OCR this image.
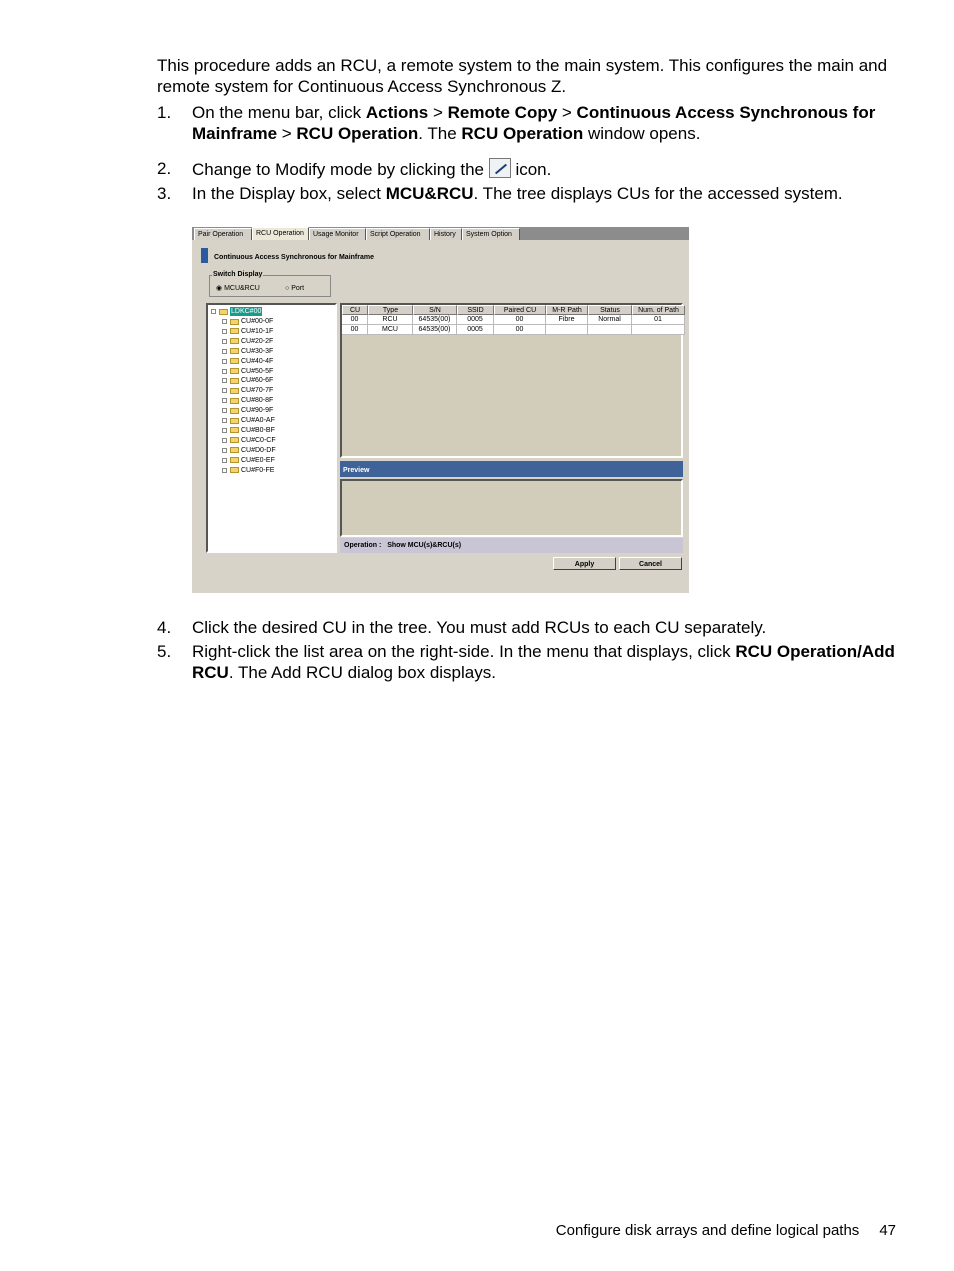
This procedure adds an RCU, a remote system to the main system. This configures the main and remote system for Continuous Access Synchronous Z.

1. On the menu bar, click Actions > Remote Copy > Continuous Access Synchronous for Mainframe > RCU Operation. The RCU Operation window opens.
2. Change to Modify mode by clicking the  icon.
3. In the Display box, select MCU&RCU. The tree displays CUs for the accessed system.
Pair Operation	RCU Operation	Usage Monitor	Script Operation	History	System Option
Continuous Access Synchronous for Mainframe
Switch Display
◉ MCU&RCU	○ Port
LDKC#00
CU#00-0F
CU#10-1F
CU#20-2F
CU#30-3F
CU#40-4F
CU#50-5F
CU#60-6F
CU#70-7F
CU#80-8F
CU#90-9F
CU#A0-AF
CU#B0-BF
CU#C0-CF
CU#D0-DF
CU#E0-EF
CU#F0-FE
CU	Type	S/N	SSID	Paired CU	M-R Path	Status	Num. of Path
00	RCU	64535(00)	0005	00	Fibre	Normal	01
00	MCU	64535(00)	0005	00
Preview
Operation : Show MCU(s)&RCU(s)
Apply	Cancel
4. Click the desired CU in the tree. You must add RCUs to each CU separately.
5. Right-click the list area on the right-side. In the menu that displays, click RCU Operation/Add RCU. The Add RCU dialog box displays.
Configure disk arrays and define logical paths 47
